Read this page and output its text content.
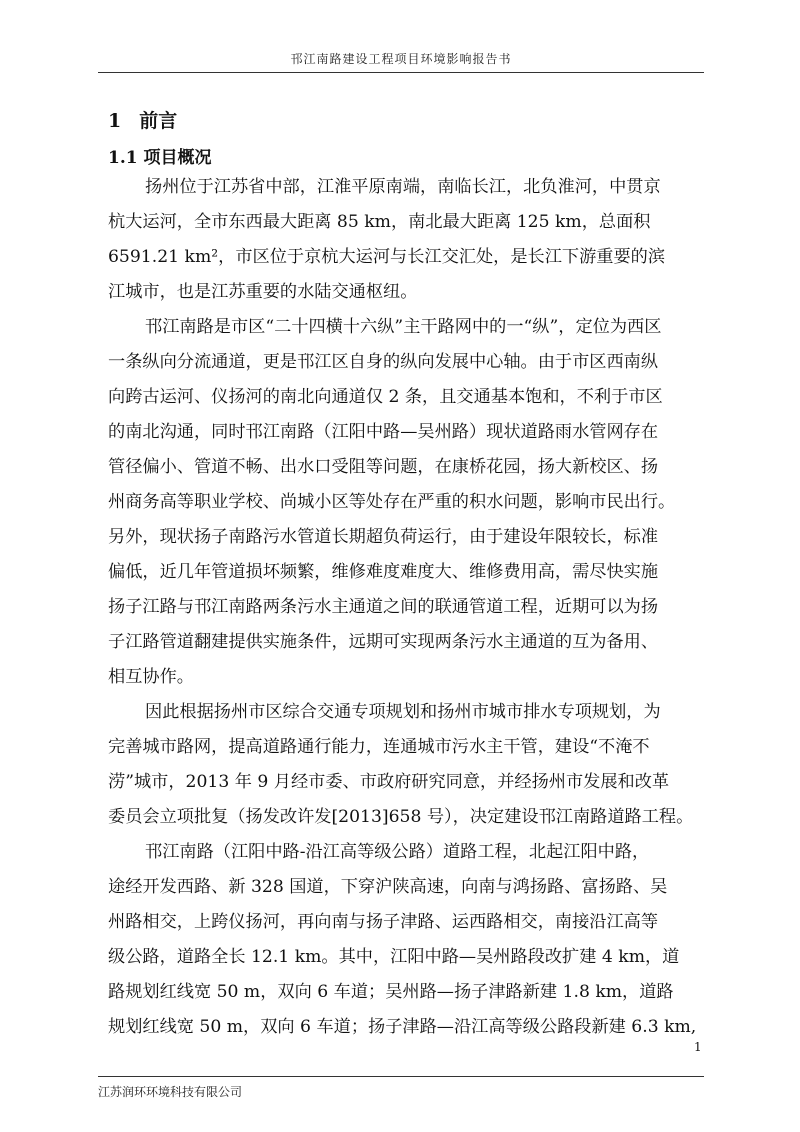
邗江南路建设工程项目环境影响报告书
1 前言
1.1 项目概况
扬州位于江苏省中部，江淮平原南端，南临长江，北负淮河，中贯京
杭大运河，全市东西最大距离 85 km，南北最大距离 125 km，总面积
6591.21 km²，市区位于京杭大运河与长江交汇处，是长江下游重要的滨
江城市，也是江苏重要的水陆交通枢纽。
邗江南路是市区“二十四横十六纵”主干路网中的一“纵”，定位为西区
一条纵向分流通道，更是邗江区自身的纵向发展中心轴。由于市区西南纵
向跨古运河、仪扬河的南北向通道仅 2 条，且交通基本饱和，不利于市区
的南北沟通，同时邗江南路（江阳中路—吴州路）现状道路雨水管网存在
管径偏小、管道不畅、出水口受阻等问题，在康桥花园，扬大新校区、扬
州商务高等职业学校、尚城小区等处存在严重的积水问题，影响市民出行。
另外，现状扬子南路污水管道长期超负荷运行，由于建设年限较长，标准
偏低，近几年管道损坏频繁，维修难度难度大、维修费用高，需尽快实施
扬子江路与邗江南路两条污水主通道之间的联通管道工程，近期可以为扬
子江路管道翻建提供实施条件，远期可实现两条污水主通道的互为备用、
相互协作。
因此根据扬州市区综合交通专项规划和扬州市城市排水专项规划，为
完善城市路网，提高道路通行能力，连通城市污水主干管，建设“不淹不
涝”城市，2013 年 9 月经市委、市政府研究同意，并经扬州市发展和改革
委员会立项批复（扬发改许发[2013]658 号），决定建设邗江南路道路工程。
邗江南路（江阳中路-沿江高等级公路）道路工程，北起江阳中路，
途经开发西路、新 328 国道，下穿沪陕高速，向南与鸿扬路、富扬路、吴
州路相交，上跨仪扬河，再向南与扬子津路、运西路相交，南接沿江高等
级公路，道路全长 12.1 km。其中，江阳中路—吴州路段改扩建 4 km，道
路规划红线宽 50 m，双向 6 车道；吴州路—扬子津路新建 1.8 km，道路
规划红线宽 50 m，双向 6 车道；扬子津路—沿江高等级公路段新建 6.3 km,
1
江苏润环环境科技有限公司
